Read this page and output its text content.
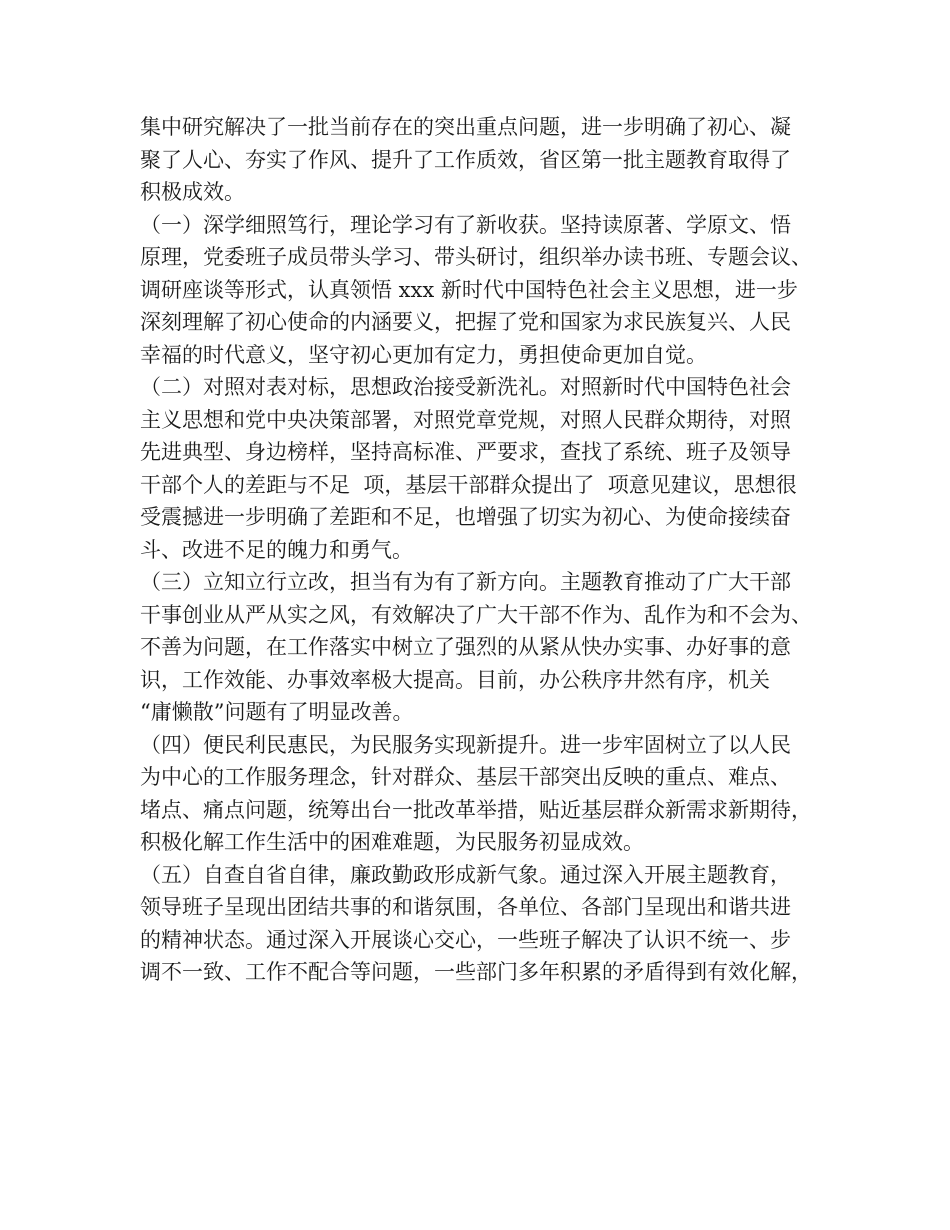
集中研究解决了一批当前存在的突出重点问题，进一步明确了初心、凝
聚了人心、夯实了作风、提升了工作质效，省区第一批主题教育取得了
积极成效。
（一）深学细照笃行，理论学习有了新收获。坚持读原著、学原文、悟
原理，党委班子成员带头学习、带头研讨，组织举办读书班、专题会议、
调研座谈等形式，认真领悟 xxx 新时代中国特色社会主义思想，进一步
深刻理解了初心使命的内涵要义，把握了党和国家为求民族复兴、人民
幸福的时代意义，坚守初心更加有定力，勇担使命更加自觉。
（二）对照对表对标，思想政治接受新洗礼。对照新时代中国特色社会
主义思想和党中央决策部署，对照党章党规，对照人民群众期待，对照
先进典型、身边榜样，坚持高标准、严要求，查找了系统、班子及领导
干部个人的差距与不足  项，基层干部群众提出了  项意见建议，思想很
受震撼进一步明确了差距和不足，也增强了切实为初心、为使命接续奋
斗、改进不足的魄力和勇气。
（三）立知立行立改，担当有为有了新方向。主题教育推动了广大干部
干事创业从严从实之风，有效解决了广大干部不作为、乱作为和不会为、
不善为问题，在工作落实中树立了强烈的从紧从快办实事、办好事的意
识，工作效能、办事效率极大提高。目前，办公秩序井然有序，机关
“庸懒散”问题有了明显改善。
（四）便民利民惠民，为民服务实现新提升。进一步牢固树立了以人民
为中心的工作服务理念，针对群众、基层干部突出反映的重点、难点、
堵点、痛点问题，统筹出台一批改革举措，贴近基层群众新需求新期待，
积极化解工作生活中的困难难题，为民服务初显成效。
（五）自查自省自律，廉政勤政形成新气象。通过深入开展主题教育，
领导班子呈现出团结共事的和谐氛围，各单位、各部门呈现出和谐共进
的精神状态。通过深入开展谈心交心，一些班子解决了认识不统一、步
调不一致、工作不配合等问题，一些部门多年积累的矛盾得到有效化解，
